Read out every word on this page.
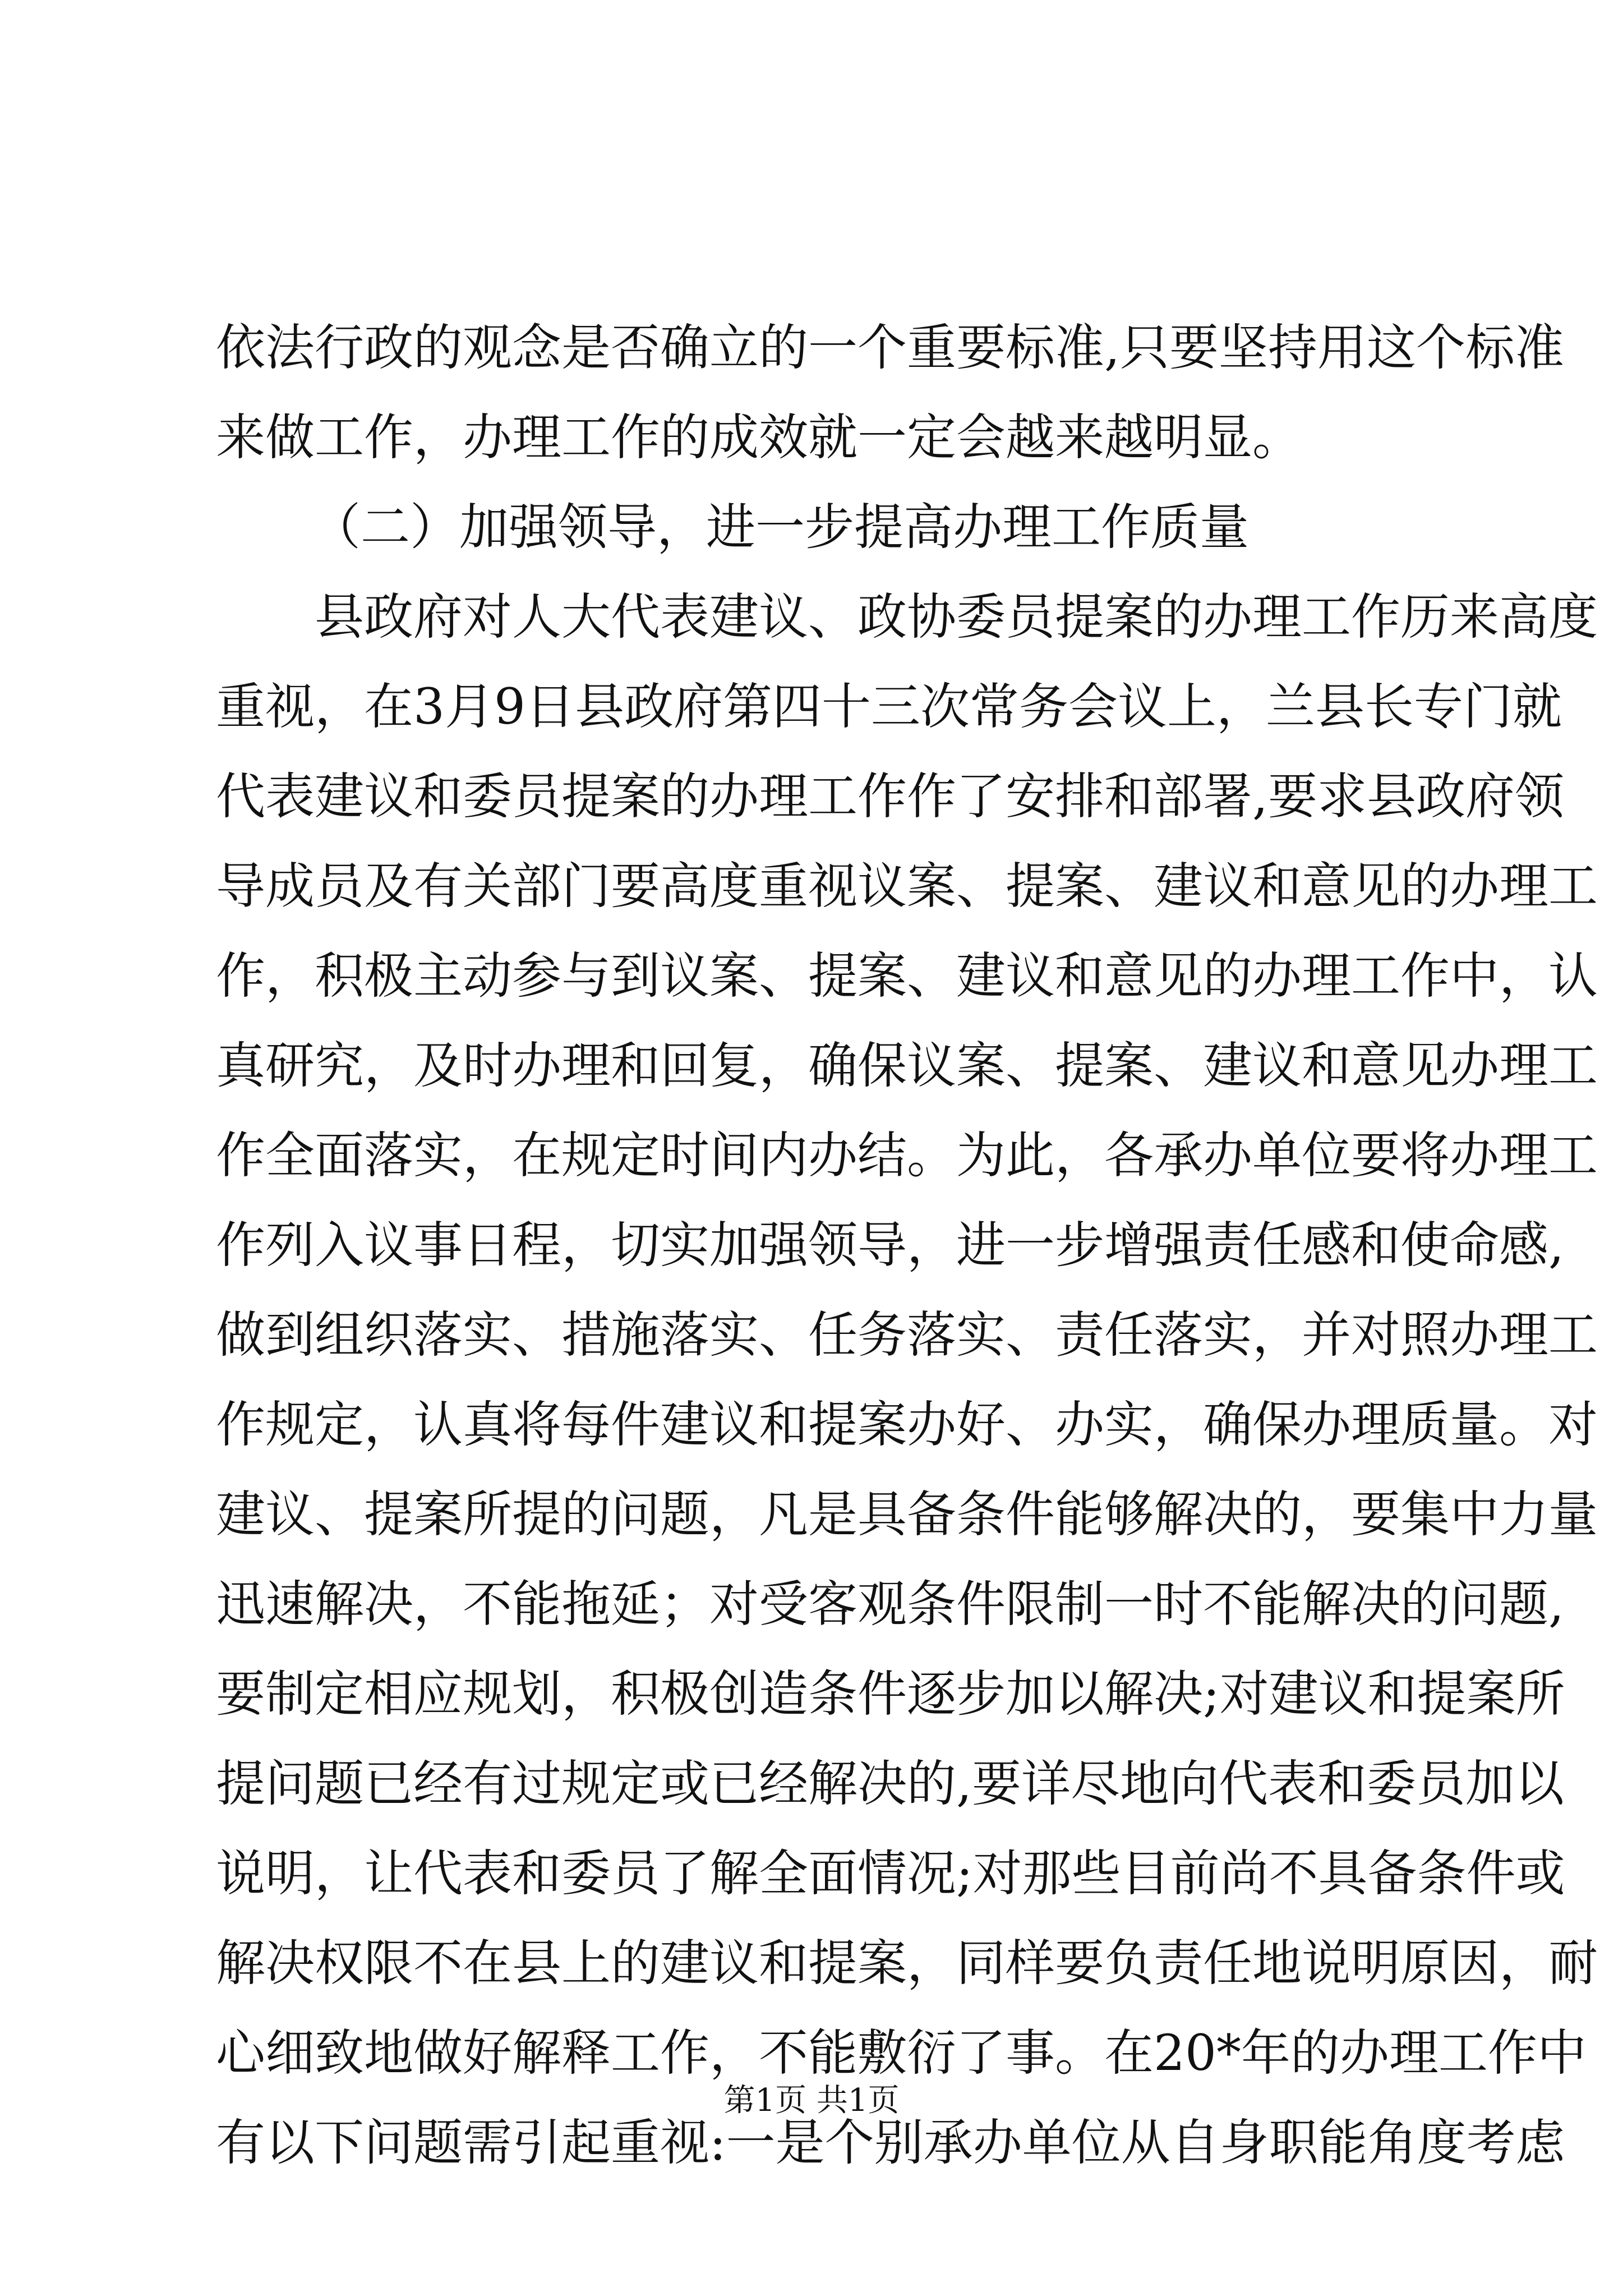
依法行政的观念是否确立的一个重要标准,只要坚持用这个标准
来做工作，办理工作的成效就一定会越来越明显。
（二）加强领导，进一步提高办理工作质量
　　县政府对人大代表建议、政协委员提案的办理工作历来高度
重视，在3月9日县政府第四十三次常务会议上，兰县长专门就
代表建议和委员提案的办理工作作了安排和部署,要求县政府领
导成员及有关部门要高度重视议案、提案、建议和意见的办理工
作，积极主动参与到议案、提案、建议和意见的办理工作中，认
真研究，及时办理和回复，确保议案、提案、建议和意见办理工
作全面落实，在规定时间内办结。为此，各承办单位要将办理工
作列入议事日程，切实加强领导，进一步增强责任感和使命感,
做到组织落实、措施落实、任务落实、责任落实，并对照办理工
作规定，认真将每件建议和提案办好、办实，确保办理质量。对
建议、提案所提的问题，凡是具备条件能够解决的，要集中力量
迅速解决，不能拖延；对受客观条件限制一时不能解决的问题,
要制定相应规划，积极创造条件逐步加以解决;对建议和提案所
提问题已经有过规定或已经解决的,要详尽地向代表和委员加以
说明，让代表和委员了解全面情况;对那些目前尚不具备条件或
解决权限不在县上的建议和提案，同样要负责任地说明原因，耐
心细致地做好解释工作，不能敷衍了事。在20*年的办理工作中
有以下问题需引起重视:一是个别承办单位从自身职能角度考虑
第1页 共1页
